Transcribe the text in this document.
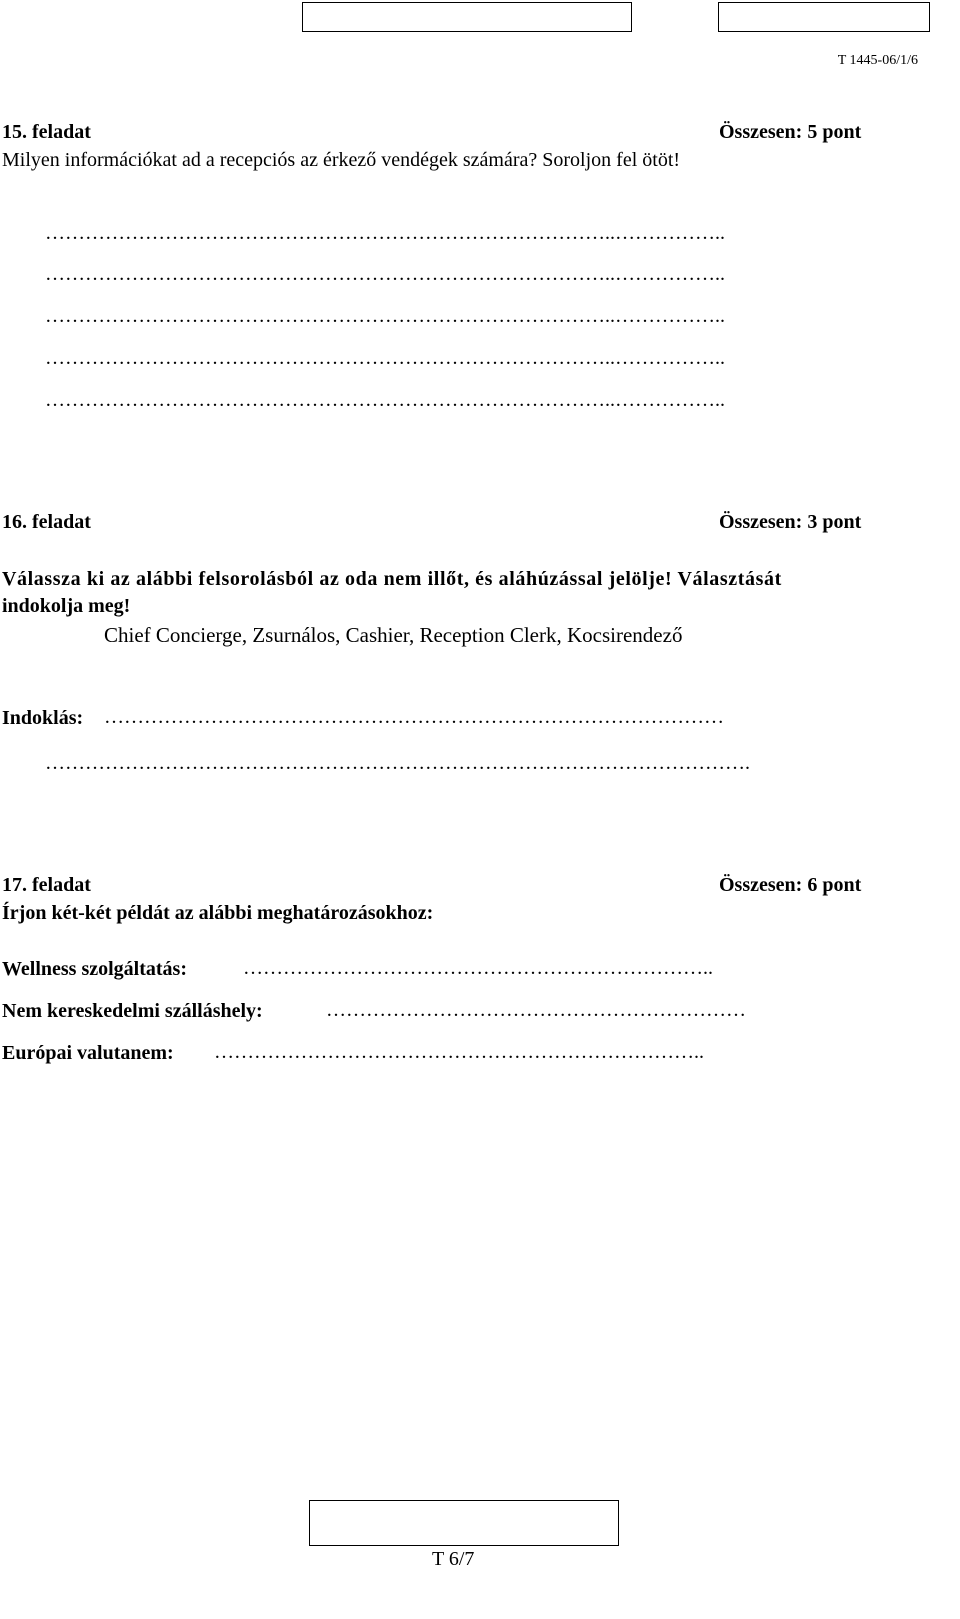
T 1445-06/1/6
15. feladat	Összesen: 5 pont
Milyen információkat ad a recepciós az érkező vendégek számára? Soroljon fel ötöt!
…………………………………………………………………………..……………..
…………………………………………………………………………..……………..
…………………………………………………………………………..……………..
…………………………………………………………………………..……………..
…………………………………………………………………………..……………..
16. feladat	Összesen: 3 pont
Válassza ki az alábbi felsorolásból az oda nem illőt, és aláhúzással jelölje! Választását
indokolja meg!
Chief Concierge, Zsurnálos, Cashier, Reception Clerk, Kocsirendező
Indoklás: …………………………………………………………………………………
…………………………………………………………………………………………….
17. feladat	Összesen: 6 pont
Írjon két-két példát az alábbi meghatározásokhoz:
Wellness szolgáltatás:	……………………………………………………………..
Nem kereskedelmi szálláshely:	………………………………………………………
Európai valutanem: ………………………………………………………………..
T 6/7
